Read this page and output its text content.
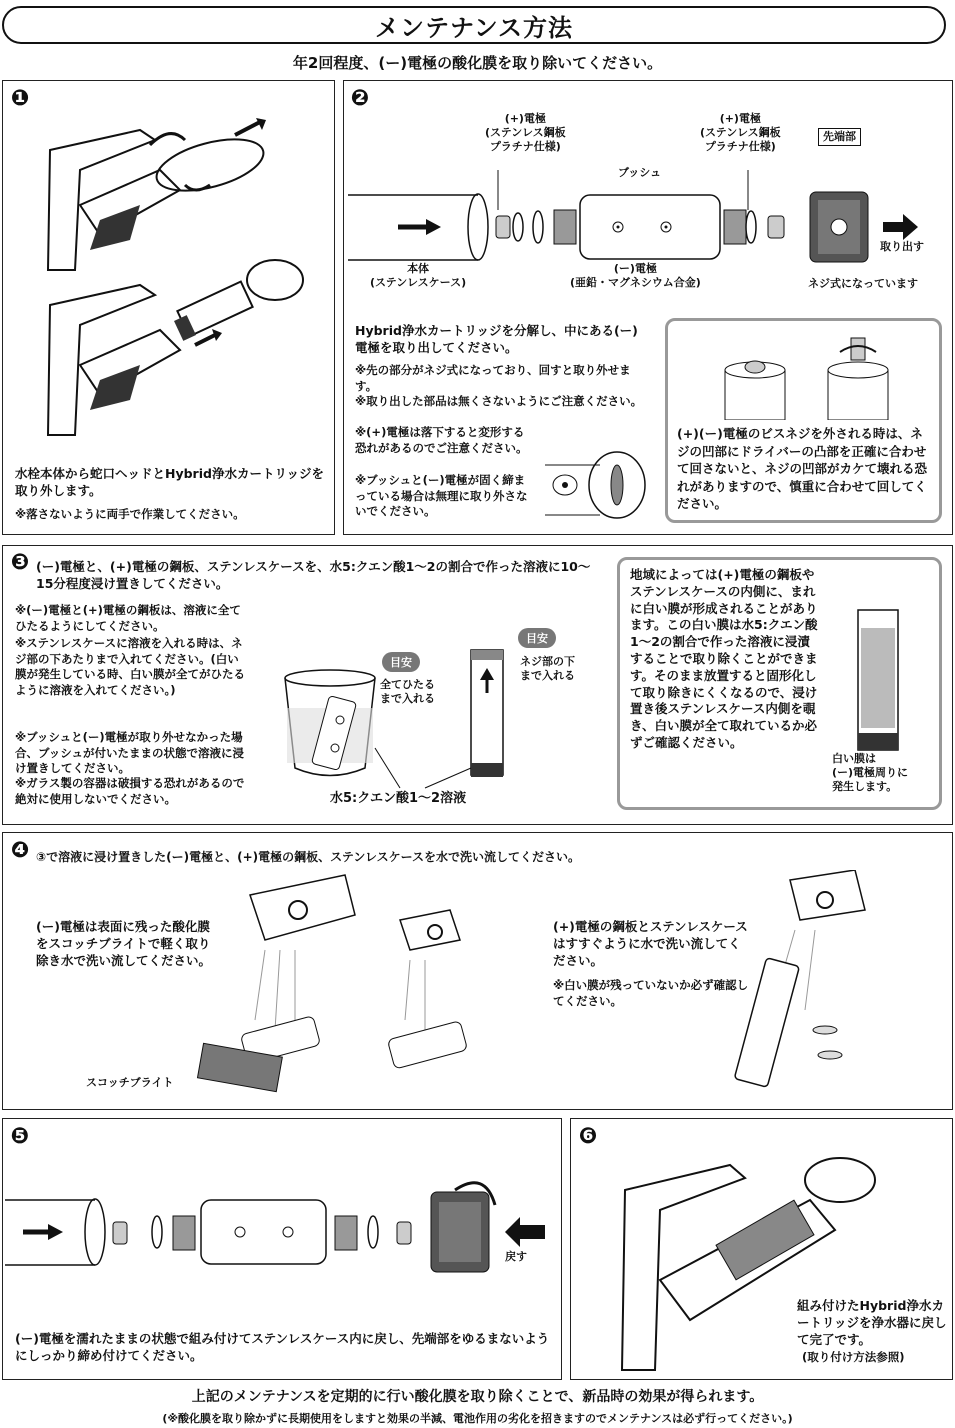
メンテナンス方法
年2回程度、(ー)電極の酸化膜を取り除いてください。
❶
水栓本体から蛇口ヘッドとHybrid浄水カートリッジを取り外します。
※落さないように両手で作業してください。
❷
(+)電極
(ステンレス鋼板
プラチナ仕様)
(+)電極
(ステンレス鋼板
プラチナ仕様)
先端部
ブッシュ
取り出す
本体
(ステンレスケース)
(ー)電極
(亜鉛・マグネシウム合金)	ネジ式になっています
Hybrid浄水カートリッジを分解し、中にある(ー)電極を取り出してください。
※先の部分がネジ式になっており、回すと取り外せます。
※取り出した部品は無くさないようにご注意ください。
※(+)電極は落下すると変形する恐れがあるのでご注意ください。
※ブッシュと(ー)電極が固く締まっている場合は無理に取り外さないでください。
(+)(ー)電極のビスネジを外される時は、ネジの凹部にドライバーの凸部を正確に合わせて回さないと、ネジの凹部がカケて壊れる恐れがありますので、慎重に合わせて回してください。
❸ (ー)電極と、(+)電極の鋼板、ステンレスケースを、水5:クエン酸1〜2の割合で作った溶液に10〜15分程度浸け置きしてください。
※(ー)電極と(+)電極の鋼板は、溶液に全てひたるようにしてください。
※ステンレスケースに溶液を入れる時は、ネジ部の下あたりまで入れてください。(白い膜が発生している時、白い膜が全てがひたるように溶液を入れてください。)
※ブッシュと(ー)電極が取り外せなかった場合、ブッシュが付いたままの状態で溶液に浸け置きしてください。
※ガラス製の容器は破損する恐れがあるので絶対に使用しないでください。
目安
全てひたる
まで入れる
目安
ネジ部の下
まで入れる
水5:クエン酸1〜2溶液
地域によっては(+)電極の鋼板やステンレスケースの内側に、まれに白い膜が形成されることがあります。この白い膜は水5:クエン酸1〜2の割合で作った溶液に浸漬することで取り除くことができます。そのまま放置すると固形化して取り除きにくくなるので、浸け置き後ステンレスケース内側を覗き、白い膜が全て取れているか必ずご確認ください。
白い膜は
(ー)電極周りに
発生します。
❹ ③で溶液に浸け置きした(ー)電極と、(+)電極の鋼板、ステンレスケースを水で洗い流してください。
(ー)電極は表面に残った酸化膜をスコッチブライトで軽く取り除き水で洗い流してください。
(+)電極の鋼板とステンレスケースはすすぐように水で洗い流してください。
※白い膜が残っていないか必ず確認してください。
スコッチブライト
❺
戻す
(ー)電極を濡れたままの状態で組み付けてステンレスケース内に戻し、先端部をゆるまないようにしっかり締め付けてください。
❻
組み付けたHybrid浄水カートリッジを浄水器に戻して完了です。
(取り付け方法参照)
上記のメンテナンスを定期的に行い酸化膜を取り除くことで、新品時の効果が得られます。
(※酸化膜を取り除かずに長期使用をしますと効果の半減、電池作用の劣化を招きますのでメンテナンスは必ず行ってください。)
